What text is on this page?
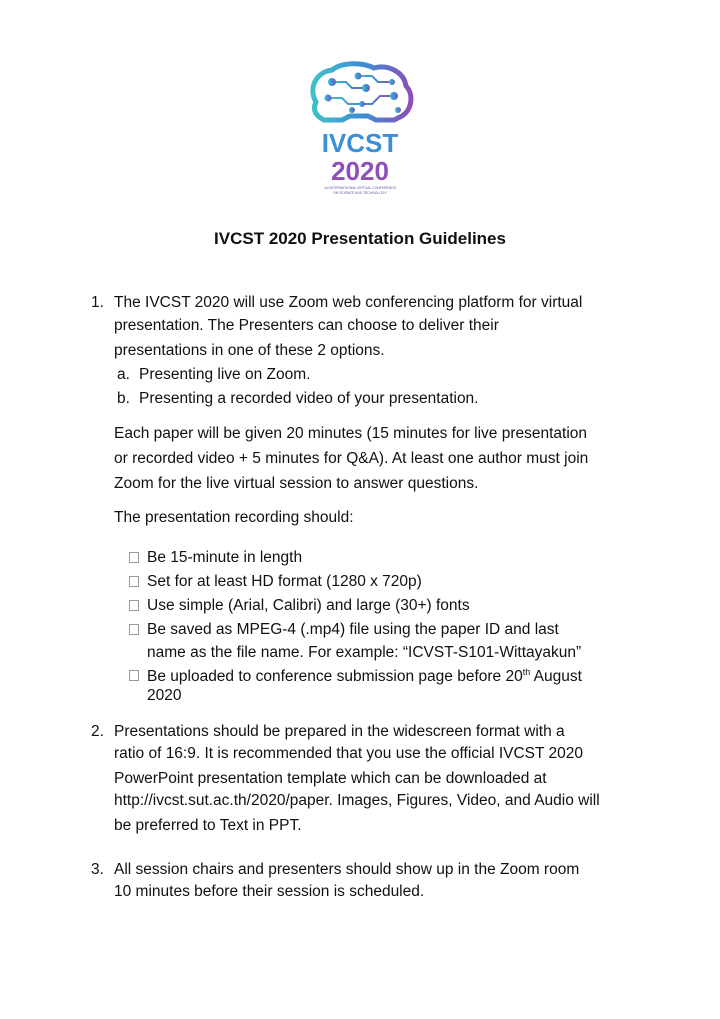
IVCST
2020
1st INTERNATIONAL VIRTUAL CONFERENCE
ON SCIENCE AND TECHNOLOGY
IVCST 2020 Presentation Guidelines
1. The IVCST 2020 will use Zoom web conferencing platform for virtual
presentation. The Presenters can choose to deliver their
presentations in one of these 2 options.
a. Presenting live on Zoom.
b. Presenting a recorded video of your presentation.
Each paper will be given 20 minutes (15 minutes for live presentation
or recorded video + 5 minutes for Q&A). At least one author must join
Zoom for the live virtual session to answer questions.
The presentation recording should:
Be 15-minute in length
Set for at least HD format (1280 x 720p)
Use simple (Arial, Calibri) and large (30+) fonts
Be saved as MPEG-4 (.mp4) file using the paper ID and last
name as the file name. For example: “ICVST-S101-Wittayakun”
Be uploaded to conference submission page before 20th August
2020
2. Presentations should be prepared in the widescreen format with a
ratio of 16:9. It is recommended that you use the official IVCST 2020
PowerPoint presentation template which can be downloaded at
http://ivcst.sut.ac.th/2020/paper. Images, Figures, Video, and Audio will
be preferred to Text in PPT.
3. All session chairs and presenters should show up in the Zoom room
10 minutes before their session is scheduled.
